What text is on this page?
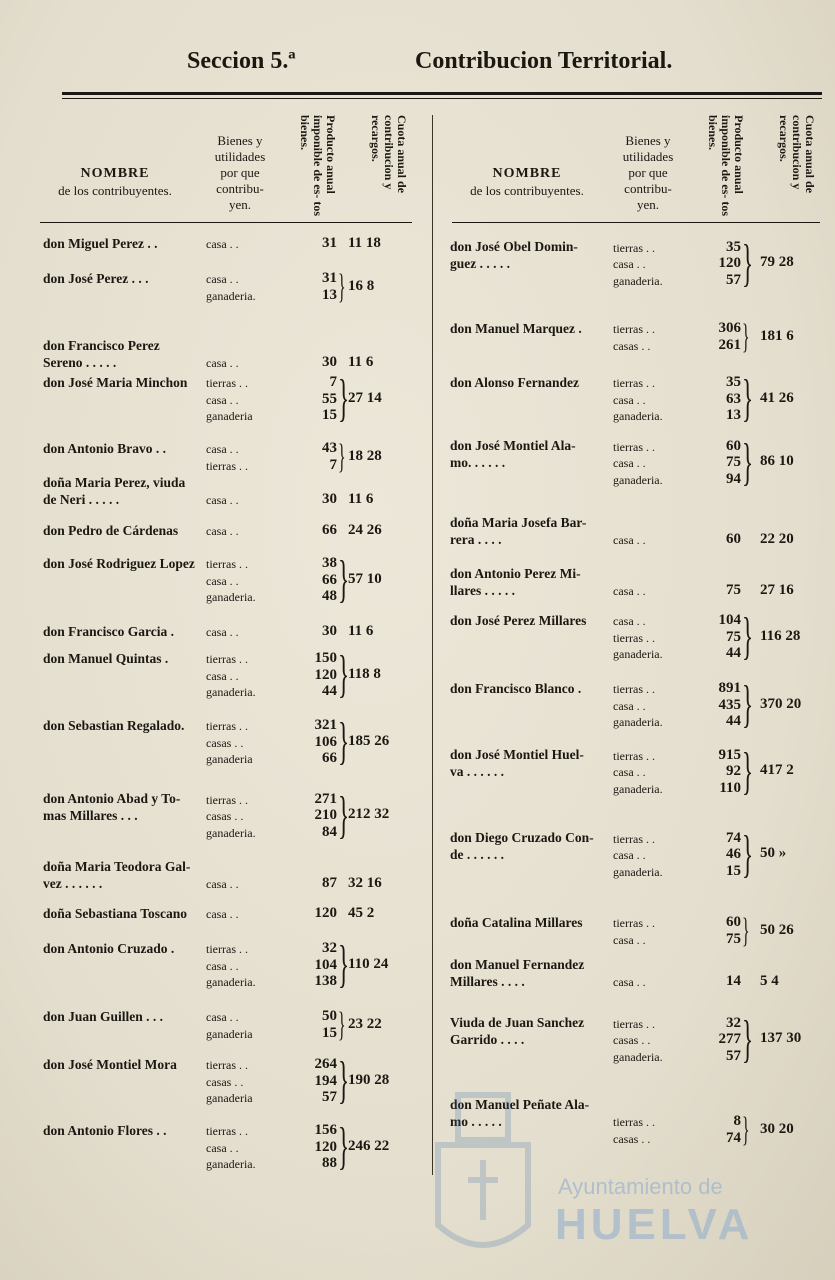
Seccion 5.ª	Contribucion Territorial.
NOMBRE
de los contribuyentes.
Bienes y
utilidades
por que
contribu-
yen.
Producto anual imponible de es- tos bienes.	Cuota anual de contribucion y recargos.
NOMBRE
de los contribuyentes.
Bienes y
utilidades
por que
contribu-
yen.
Producto anual imponible de es- tos bienes.	Cuota anual de contribucion y recargos.
don Miguel Perez . .	casa . .	31 11 18
don José Perez . . .	casa . .	31
ganaderia.	13 } 16 8
don Francisco Perez
Sereno . . . . .	casa . .	30 11 6
don José Maria Minchon tierras . .	7
casa . .	55
ganaderia	15 }
27 14
don Antonio Bravo . .	casa . .	43
tierras . .	7 } 18 28
doña Maria Perez, viuda
de Neri . . . . .	casa . .	30 11 6
don Pedro de Cárdenas casa . .	66 24 26
don José Rodriguez Lopez tierras . .	38
casa . .	66
ganaderia.	48 }
57 10
don Francisco Garcia .	casa . .	30 11 6
don Manuel Quintas .	tierras . .	150
casa . .	120
ganaderia.	44 }
118 8
don Sebastian Regalado. tierras . .	321
casas . .	106
ganaderia	66 }
185 26
don Antonio Abad y To-
mas Millares . . .
tierras . .	271
casas . .	210
ganaderia.	84 }
212 32
doña Maria Teodora Gal-
vez . . . . . .	casa . .	87 32 16
doña Sebastiana Toscano casa . .	120 45 2
don Antonio Cruzado .	tierras . .	32
casa . .	104
ganaderia.	138 }
110 24
don Juan Guillen . . .	casa . .	50
ganaderia	15 } 23 22
don José Montiel Mora tierras . .	264
casas . .	194
ganaderia	57 }
190 28
don Antonio Flores . .	tierras . .	156
casa . .	120
ganaderia.	88 }
246 22
don José Obel Domin-
guez . . . . .
tierras . .	35
casa . .	120
ganaderia.	57 } 79 28
don Manuel Marquez .	tierras . .	306
casas . .	261 } 181 6
don Alonso Fernandez	tierras . .	35
casa . .	63
ganaderia.	13 } 41 26
don José Montiel Ala-
mo. . . . . .
tierras . .	60
casa . .	75
ganaderia.	94 } 86 10
doña Maria Josefa Bar-
rera . . . .	casa . .	60 22 20
don Antonio Perez Mi-
llares . . . . .	casa . .	75 27 16
don José Perez Millares casa . .	104
tierras . .	75
ganaderia.	44 } 116 28
don Francisco Blanco .	tierras . .	891
casa . .	435
ganaderia.	44 } 370 20
don José Montiel Huel-
va . . . . . .
tierras . .	915
casa . .	92
ganaderia.	110 } 417 2
don Diego Cruzado Con-
de . . . . . .
tierras . .	74
casa . .	46
ganaderia.	15 } 50 »
doña Catalina Millares	tierras . .	60
casa . .	75 } 50 26
don Manuel Fernandez
Millares . . . .	casa . .	14 5 4
Viuda de Juan Sanchez
Garrido . . . .
tierras . .	32
casas . .	277
ganaderia.	57 } 137 30
don Manuel Peñate Ala-
mo . . . . .	tierras . .	8
casas . .	74 } 30 20
Ayuntamiento de
HUELVA
